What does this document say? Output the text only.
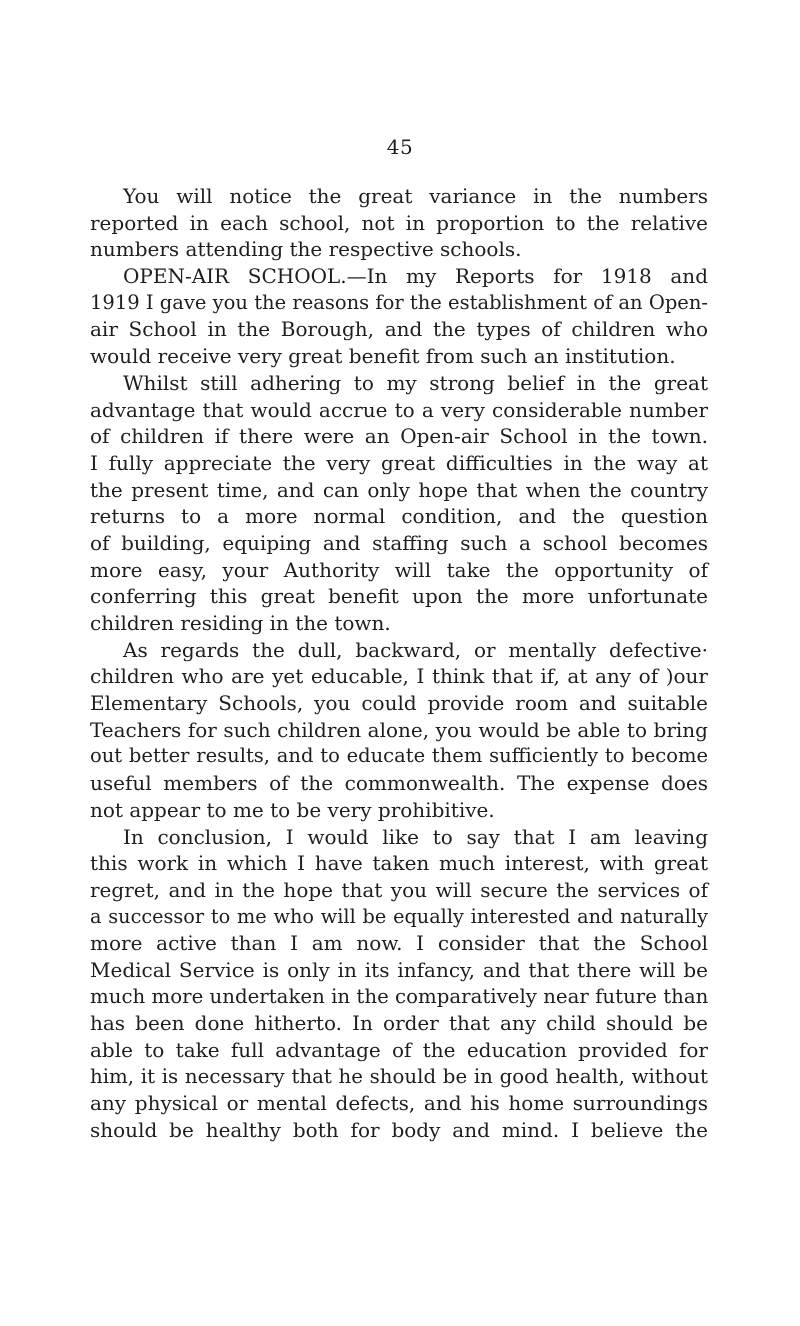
45
You will notice the great variance in the numbers
reported in each school, not in proportion to the relative
numbers attending the respective schools.
OPEN-AIR SCHOOL.—In my Reports for 1918 and
1919 I gave you the reasons for the establishment of an Open-
air School in the Borough, and the types of children who
would receive very great benefit from such an institution.
Whilst still adhering to my strong belief in the great
advantage that would accrue to a very considerable number
of children if there were an Open-air School in the town.
I fully appreciate the very great difficulties in the way at
the present time, and can only hope that when the country
returns to a more normal condition, and the question
of building, equiping and staffing such a school becomes
more easy, your Authority will take the opportunity of
conferring this great benefit upon the more unfortunate
children residing in the town.
As regards the dull, backward, or mentally defective·
children who are yet educable, I think that if, at any of )our
Elementary Schools, you could provide room and suitable
Teachers for such children alone, you would be able to bring
out better results, and to educate them sufficiently to become
useful members of the commonwealth. The expense does
not appear to me to be very prohibitive.
In conclusion, I would like to say that I am leaving
this work in which I have taken much interest, with great
regret, and in the hope that you will secure the services of
a successor to me who will be equally interested and naturally
more active than I am now. I consider that the School
Medical Service is only in its infancy, and that there will be
much more undertaken in the comparatively near future than
has been done hitherto. In order that any child should be
able to take full advantage of the education provided for
him, it is necessary that he should be in good health, without
any physical or mental defects, and his home surroundings
should be healthy both for body and mind. I believe the
